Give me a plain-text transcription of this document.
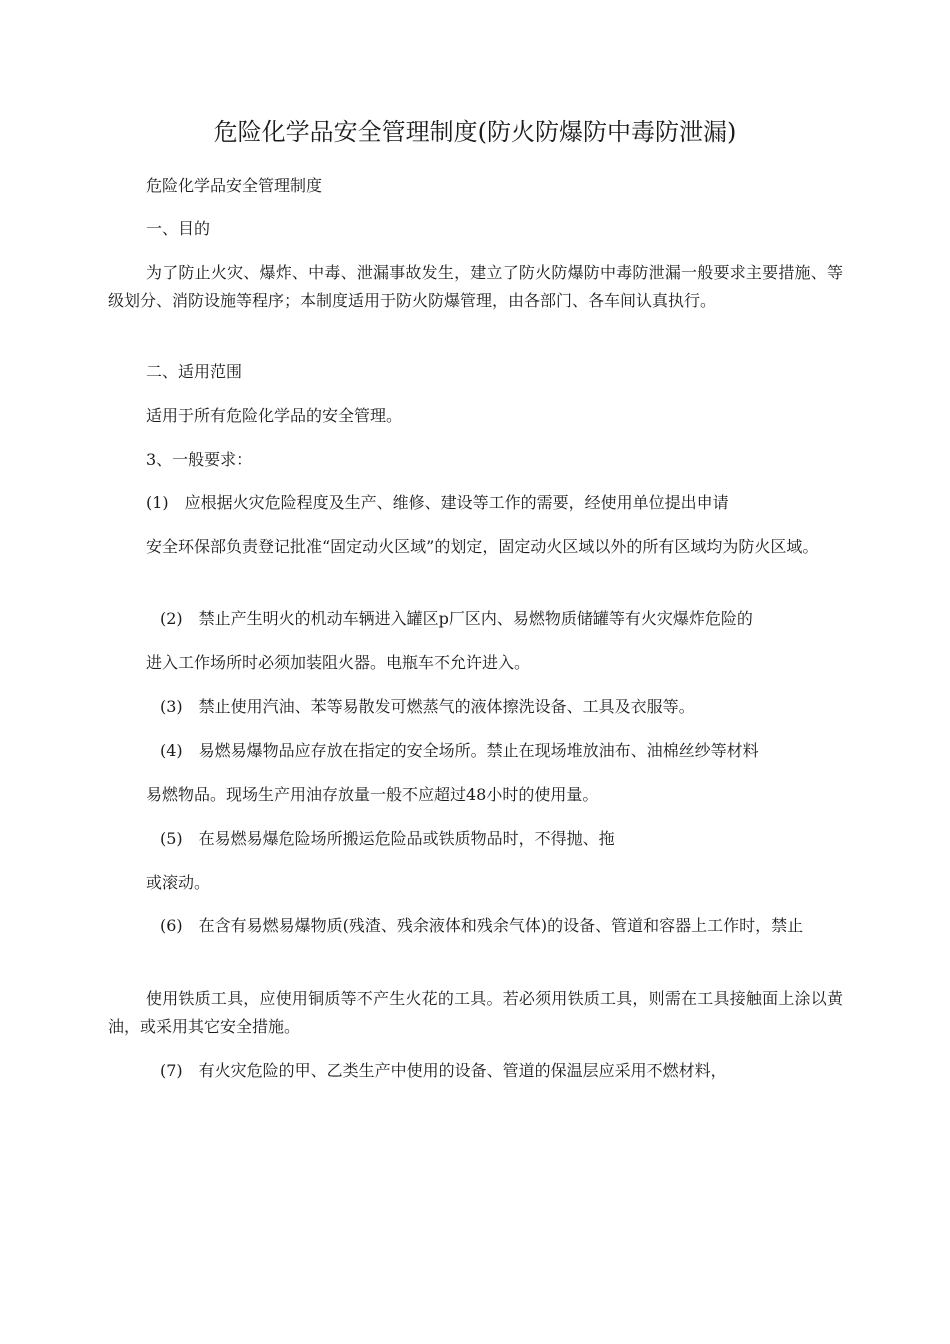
危险化学品安全管理制度(防火防爆防中毒防泄漏)
危险化学品安全管理制度
一、目的
为了防止火灾、爆炸、中毒、泄漏事故发生，建立了防火防爆防中毒防泄漏一般要求主要措施、等级划分、消防设施等程序；本制度适用于防火防爆管理，由各部门、各车间认真执行。
二、适用范围
适用于所有危险化学品的安全管理。
3、一般要求：
(1)　应根据火灾危险程度及生产、维修、建设等工作的需要，经使用单位提出申请
安全环保部负责登记批准“固定动火区域”的划定，固定动火区域以外的所有区域均为防火区域。
(2)　禁止产生明火的机动车辆进入罐区p厂区内、易燃物质储罐等有火灾爆炸危险的
进入工作场所时必须加装阻火器。电瓶车不允许进入。
(3)　禁止使用汽油、苯等易散发可燃蒸气的液体擦洗设备、工具及衣服等。
(4)　易燃易爆物品应存放在指定的安全场所。禁止在现场堆放油布、油棉丝纱等材料
易燃物品。现场生产用油存放量一般不应超过48小时的使用量。
(5)　在易燃易爆危险场所搬运危险品或铁质物品时，不得抛、拖
或滚动。
(6)　在含有易燃易爆物质(残渣、残余液体和残余气体)的设备、管道和容器上工作时，禁止
使用铁质工具，应使用铜质等不产生火花的工具。若必须用铁质工具，则需在工具接触面上涂以黄油，或采用其它安全措施。
(7)　有火灾危险的甲、乙类生产中使用的设备、管道的保温层应采用不燃材料，
